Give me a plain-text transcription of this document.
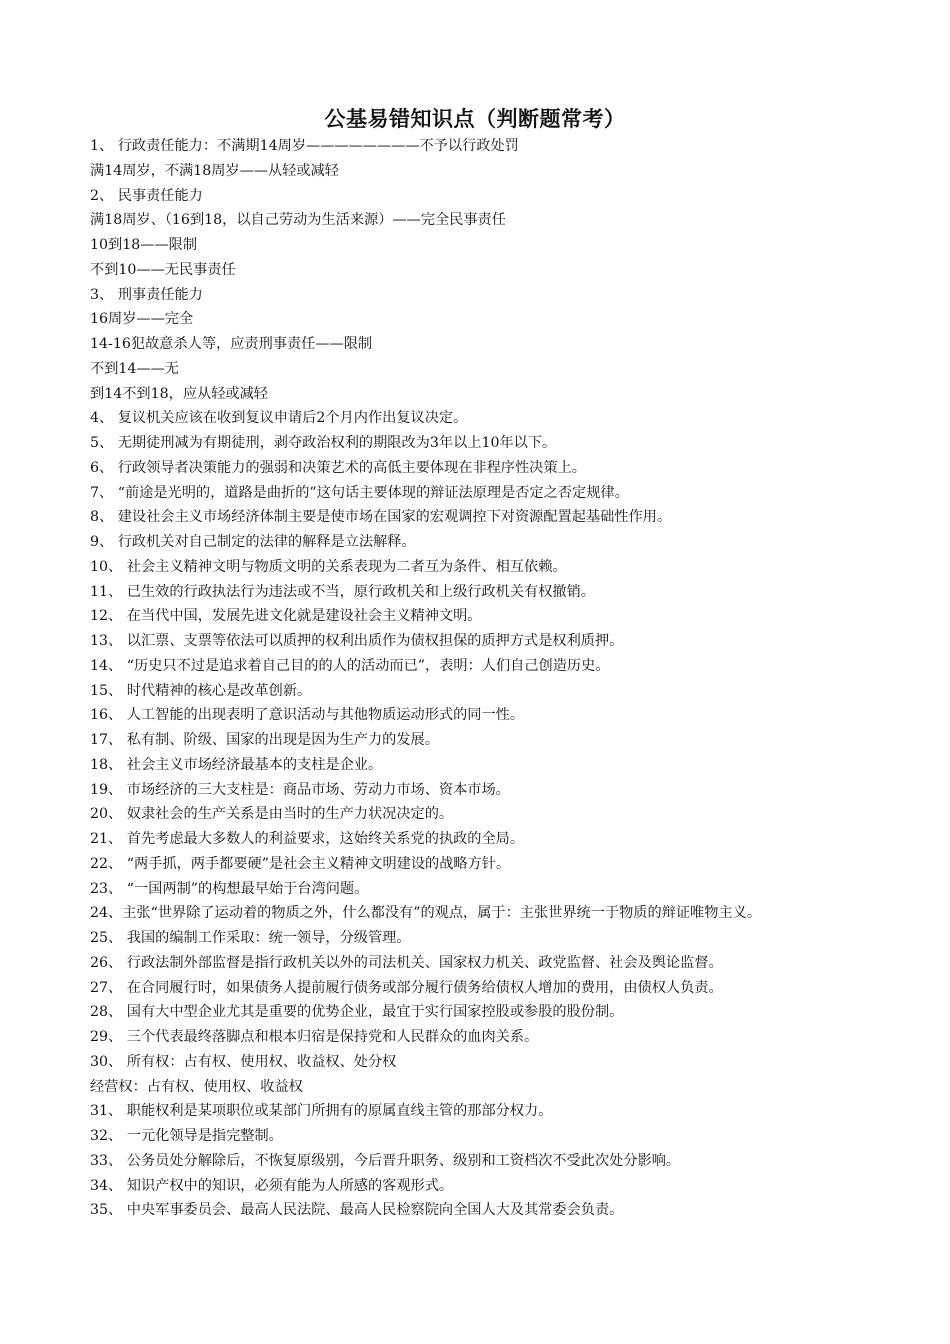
公基易错知识点（判断题常考）
1、 行政责任能力：不满期14周岁————————不予以行政处罚
满14周岁，不满18周岁——从轻或减轻
2、 民事责任能力
满18周岁、（16到18，以自己劳动为生活来源）——完全民事责任
10到18——限制
不到10——无民事责任
3、 刑事责任能力
16周岁——完全
14-16犯故意杀人等，应责刑事责任——限制
不到14——无
到14不到18，应从轻或减轻
4、 复议机关应该在收到复议申请后2个月内作出复议决定。
5、 无期徒刑减为有期徒刑，剥夺政治权利的期限改为3年以上10年以下。
6、 行政领导者决策能力的强弱和决策艺术的高低主要体现在非程序性决策上。
7、 “前途是光明的，道路是曲折的”这句话主要体现的辩证法原理是否定之否定规律。
8、 建设社会主义市场经济体制主要是使市场在国家的宏观调控下对资源配置起基础性作用。
9、 行政机关对自己制定的法律的解释是立法解释。
10、 社会主义精神文明与物质文明的关系表现为二者互为条件、相互依赖。
11、 已生效的行政执法行为违法或不当，原行政机关和上级行政机关有权撤销。
12、 在当代中国，发展先进文化就是建设社会主义精神文明。
13、 以汇票、支票等依法可以质押的权利出质作为债权担保的质押方式是权利质押。
14、 “历史只不过是追求着自己目的的人的活动而已”，表明：人们自己创造历史。
15、 时代精神的核心是改革创新。
16、 人工智能的出现表明了意识活动与其他物质运动形式的同一性。
17、 私有制、阶级、国家的出现是因为生产力的发展。
18、 社会主义市场经济最基本的支柱是企业。
19、 市场经济的三大支柱是：商品市场、劳动力市场、资本市场。
20、 奴隶社会的生产关系是由当时的生产力状况决定的。
21、 首先考虑最大多数人的利益要求，这始终关系党的执政的全局。
22、 “两手抓，两手都要硬”是社会主义精神文明建设的战略方针。
23、 “一国两制”的构想最早始于台湾问题。
24、主张“世界除了运动着的物质之外，什么都没有”的观点，属于：主张世界统一于物质的辩证唯物主义。
25、 我国的编制工作采取：统一领导，分级管理。
26、 行政法制外部监督是指行政机关以外的司法机关、国家权力机关、政党监督、社会及舆论监督。
27、 在合同履行时，如果债务人提前履行债务或部分履行债务给债权人增加的费用，由债权人负责。
28、 国有大中型企业尤其是重要的优势企业，最宜于实行国家控股或参股的股份制。
29、 三个代表最终落脚点和根本归宿是保持党和人民群众的血肉关系。
30、 所有权：占有权、使用权、收益权、处分权
经营权：占有权、使用权、收益权
31、 职能权利是某项职位或某部门所拥有的原属直线主管的那部分权力。
32、 一元化领导是指完整制。
33、 公务员处分解除后，不恢复原级别，今后晋升职务、级别和工资档次不受此次处分影响。
34、 知识产权中的知识，必须有能为人所感的客观形式。
35、 中央军事委员会、最高人民法院、最高人民检察院向全国人大及其常委会负责。
